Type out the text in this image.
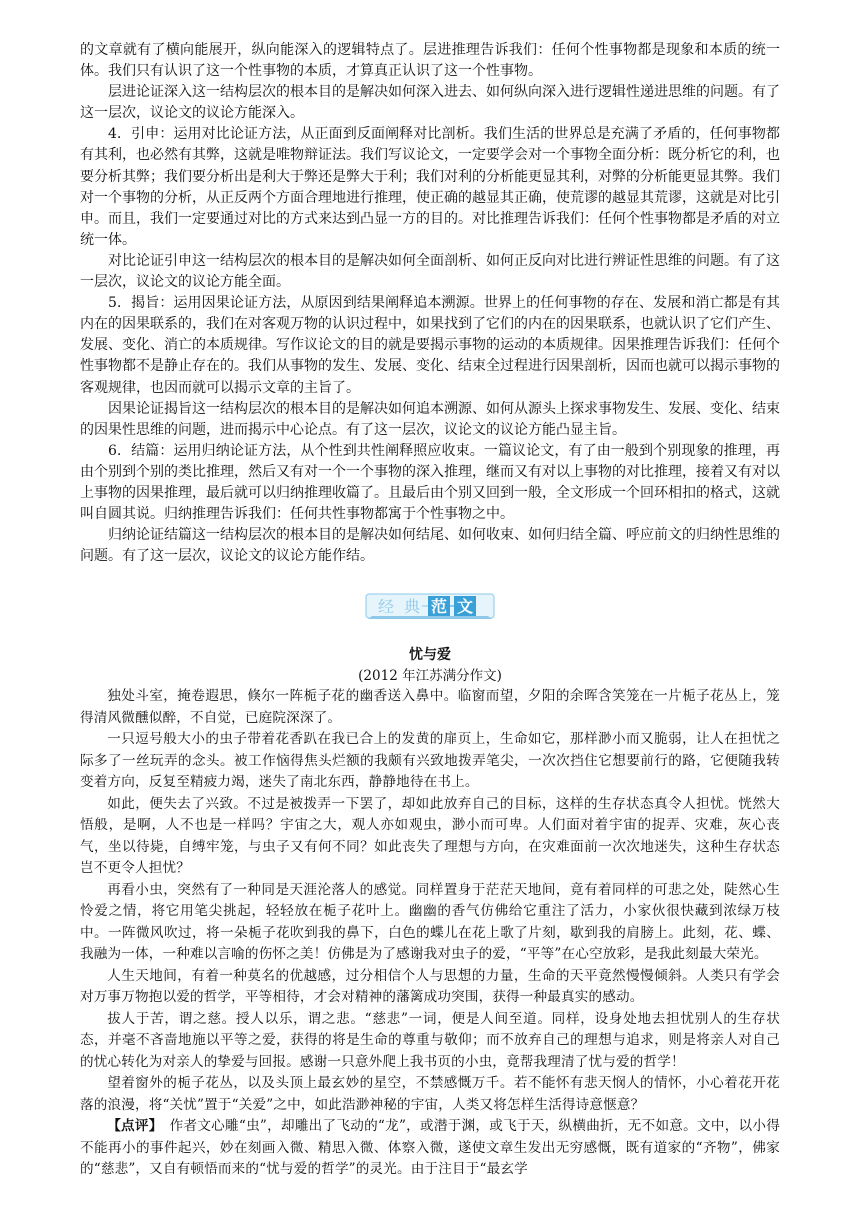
的文章就有了横向能展开，纵向能深入的逻辑特点了。层进推理告诉我们：任何个性事物都是现象和本质的统一体。我们只有认识了这一个性事物的本质，才算真正认识了这一个性事物。

层进论证深入这一结构层次的根本目的是解决如何深入进去、如何纵向深入进行逻辑性递进思维的问题。有了这一层次，议论文的议论方能深入。

4．引申：运用对比论证方法，从正面到反面阐释对比剖析。我们生活的世界总是充满了矛盾的，任何事物都有其利，也必然有其弊，这就是唯物辩证法。我们写议论文，一定要学会对一个事物全面分析：既分析它的利，也要分析其弊；我们要分析出是利大于弊还是弊大于利；我们对利的分析能更显其利，对弊的分析能更显其弊。我们对一个事物的分析，从正反两个方面合理地进行推理，使正确的越显其正确，使荒谬的越显其荒谬，这就是对比引申。而且，我们一定要通过对比的方式来达到凸显一方的目的。对比推理告诉我们：任何个性事物都是矛盾的对立统一体。

对比论证引申这一结构层次的根本目的是解决如何全面剖析、如何正反向对比进行辨证性思维的问题。有了这一层次，议论文的议论方能全面。

5．揭旨：运用因果论证方法，从原因到结果阐释追本溯源。世界上的任何事物的存在、发展和消亡都是有其内在的因果联系的，我们在对客观万物的认识过程中，如果找到了它们的内在的因果联系，也就认识了它们产生、发展、变化、消亡的本质规律。写作议论文的目的就是要揭示事物的运动的本质规律。因果推理告诉我们：任何个性事物都不是静止存在的。我们从事物的发生、发展、变化、结束全过程进行因果剖析，因而也就可以揭示事物的客观规律，也因而就可以揭示文章的主旨了。

因果论证揭旨这一结构层次的根本目的是解决如何追本溯源、如何从源头上探求事物发生、发展、变化、结束的因果性思维的问题，进而揭示中心论点。有了这一层次，议论文的议论方能凸显主旨。

6．结篇：运用归纳论证方法，从个性到共性阐释照应收束。一篇议论文，有了由一般到个别现象的推理，再由个别到个别的类比推理，然后又有对一个一个事物的深入推理，继而又有对以上事物的对比推理，接着又有对以上事物的因果推理，最后就可以归纳推理收篇了。且最后由个别又回到一般，全文形成一个回环相扣的格式，这就叫自圆其说。归纳推理告诉我们：任何共性事物都寓于个性事物之中。

归纳论证结篇这一结构层次的根本目的是解决如何结尾、如何收束、如何归结全篇、呼应前文的归纳性思维的问题。有了这一层次，议论文的议论方能作结。

经 典 范 文

忧与爱

(2012 年江苏满分作文)

独处斗室，掩卷遐思，倏尔一阵栀子花的幽香送入鼻中。临窗而望，夕阳的余晖含笑笼在一片栀子花丛上，笼得清风微醺似醉，不自觉，已庭院深深了。

一只逗号般大小的虫子带着花香趴在我已合上的发黄的扉页上，生命如它，那样渺小而又脆弱，让人在担忧之际多了一丝玩弄的念头。被工作恼得焦头烂额的我颇有兴致地拨弄笔尖，一次次挡住它想要前行的路，它便随我转变着方向，反复至精疲力竭，迷失了南北东西，静静地待在书上。

如此，便失去了兴致。不过是被拨弄一下罢了，却如此放弃自己的目标，这样的生存状态真令人担忧。恍然大悟般，是啊，人不也是一样吗？宇宙之大，观人亦如观虫，渺小而可卑。人们面对着宇宙的捉弄、灾难，灰心丧气，坐以待毙，自缚牢笼，与虫子又有何不同？如此丧失了理想与方向，在灾难面前一次次地迷失，这种生存状态岂不更令人担忧？

再看小虫，突然有了一种同是天涯沦落人的感觉。同样置身于茫茫天地间，竟有着同样的可悲之处，陡然心生怜爱之情，将它用笔尖挑起，轻轻放在栀子花叶上。幽幽的香气仿佛给它重注了活力，小家伙很快藏到浓绿万枝中。一阵微风吹过，将一朵栀子花吹到我的鼻下，白色的蝶儿在花上歌了片刻，歇到我的肩膀上。此刻，花、蝶、我融为一体，一种难以言喻的伤怀之美！仿佛是为了感谢我对虫子的爱，“平等”在心空放彩，是我此刻最大荣光。

人生天地间，有着一种莫名的优越感，过分相信个人与思想的力量，生命的天平竟然慢慢倾斜。人类只有学会对万事万物抱以爱的哲学，平等相待，才会对精神的藩篱成功突围，获得一种最真实的感动。

拔人于苦，谓之慈。授人以乐，谓之悲。“慈悲”一词，便是人间至道。同样，设身处地去担忧别人的生存状态，并毫不吝啬地施以平等之爱，获得的将是生命的尊重与敬仰；而不放弃自己的理想与追求，则是将亲人对自己的忧心转化为对亲人的挚爱与回报。感谢一只意外爬上我书页的小虫，竟帮我理清了忧与爱的哲学！

望着窗外的栀子花丛，以及头顶上最玄妙的星空，不禁感慨万千。若不能怀有悲天悯人的情怀，小心着花开花落的浪漫，将“关忧”置于“关爱”之中，如此浩渺神秘的宇宙，人类又将怎样生活得诗意惬意？

【点评】　 作者文心雕“虫”，却雕出了飞动的“龙”，或潜于渊，或飞于天，纵横曲折，无不如意。文中，以小得不能再小的事件起兴，妙在刻画入微、精思入微、体察入微，遂使文章生发出无穷感慨，既有道家的“齐物”，佛家的“慈悲”，又自有顿悟而来的“忧与爱的哲学”的灵光。由于注目于“最玄学
